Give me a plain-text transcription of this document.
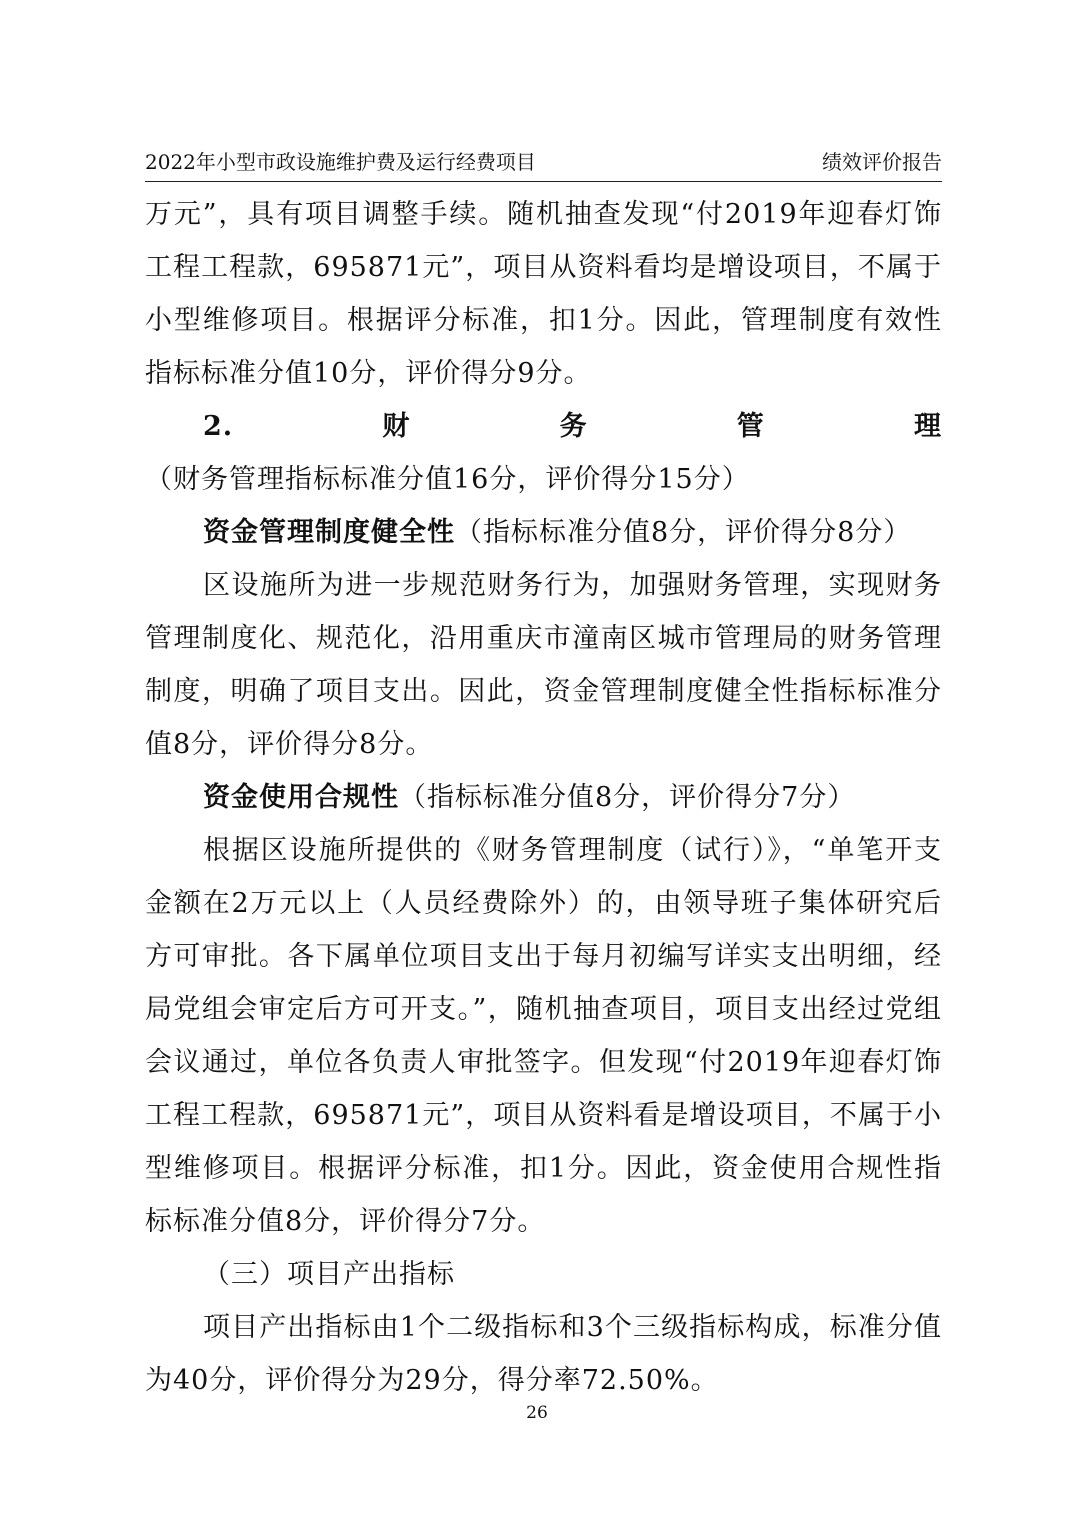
2022年小型市政设施维护费及运行经费项目	绩效评价报告

万元”，具有项目调整手续。随机抽查发现“付2019年迎春灯饰工程工程款，695871元”，项目从资料看均是增设项目，不属于小型维修项目。根据评分标准，扣1分。因此，管理制度有效性指标标准分值10分，评价得分9分。

2.财务管理（财务管理指标标准分值16分，评价得分15分）

资金管理制度健全性（指标标准分值8分，评价得分8分）

区设施所为进一步规范财务行为，加强财务管理，实现财务管理制度化、规范化，沿用重庆市潼南区城市管理局的财务管理制度，明确了项目支出。因此，资金管理制度健全性指标标准分值8分，评价得分8分。

资金使用合规性（指标标准分值8分，评价得分7分）

根据区设施所提供的《财务管理制度（试行）》，“单笔开支金额在2万元以上（人员经费除外）的，由领导班子集体研究后方可审批。各下属单位项目支出于每月初编写详实支出明细，经局党组会审定后方可开支。”，随机抽查项目，项目支出经过党组会议通过，单位各负责人审批签字。但发现“付2019年迎春灯饰工程工程款，695871元”，项目从资料看是增设项目，不属于小型维修项目。根据评分标准，扣1分。因此，资金使用合规性指标标准分值8分，评价得分7分。

（三）项目产出指标

项目产出指标由1个二级指标和3个三级指标构成，标准分值为40分，评价得分为29分，得分率72.50%。

26
